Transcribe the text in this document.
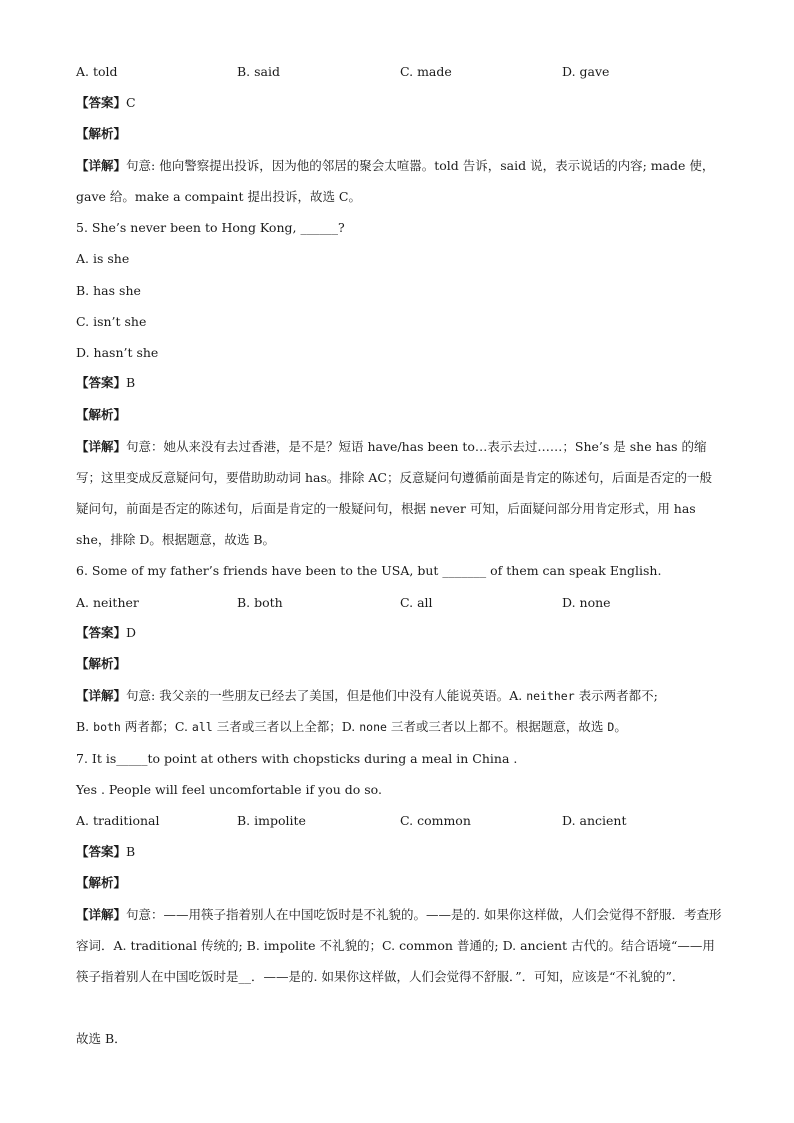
A. told	B. said	C. made	D. gave
【答案】C
【解析】
【详解】句意: 他向警察提出投诉，因为他的邻居的聚会太喧嚣。told 告诉，said 说，表示说话的内容; made 使，gave 给。make a compaint 提出投诉，故选 C。
5. She’s never been to Hong Kong, ______?
A. is she
B. has she
C. isn’t she
D. hasn’t she
【答案】B
【解析】
【详解】句意：她从来没有去过香港，是不是？短语 have/has been to…表示去过……；She’s 是 she has 的缩写；这里变成反意疑问句，要借助助动词 has。排除 AC；反意疑问句遵循前面是肯定的陈述句，后面是否定的一般疑问句，前面是否定的陈述句，后面是肯定的一般疑问句，根据 never 可知，后面疑问部分用肯定形式，用 has she，排除 D。根据题意，故选 B。
6. Some of my father’s friends have been to the USA, but _______ of them can speak English.
A. neither	B. both	C. all	D. none
【答案】D
【解析】
【详解】句意: 我父亲的一些朋友已经去了美国，但是他们中没有人能说英语。A. neither 表示两者都不;
B. both 两者都；C. all 三者或三者以上全都；D. none 三者或三者以上都不。根据题意，故选 D。
7. It is_____to point at others with chopsticks during a meal in China .
Yes . People will feel uncomfortable if you do so.
A. traditional	B. impolite	C. common	D. ancient
【答案】B
【解析】
【详解】句意：——用筷子指着别人在中国吃饭时是不礼貌的。——是的. 如果你这样做，人们会觉得不舒服．考查形容词．A. traditional 传统的; B. impolite 不礼貌的；C. common 普通的; D. ancient 古代的。结合语境“——用筷子指着别人在中国吃饭时是__．——是的. 如果你这样做，人们会觉得不舒服．”．可知，应该是“不礼貌的”．
故选 B．
